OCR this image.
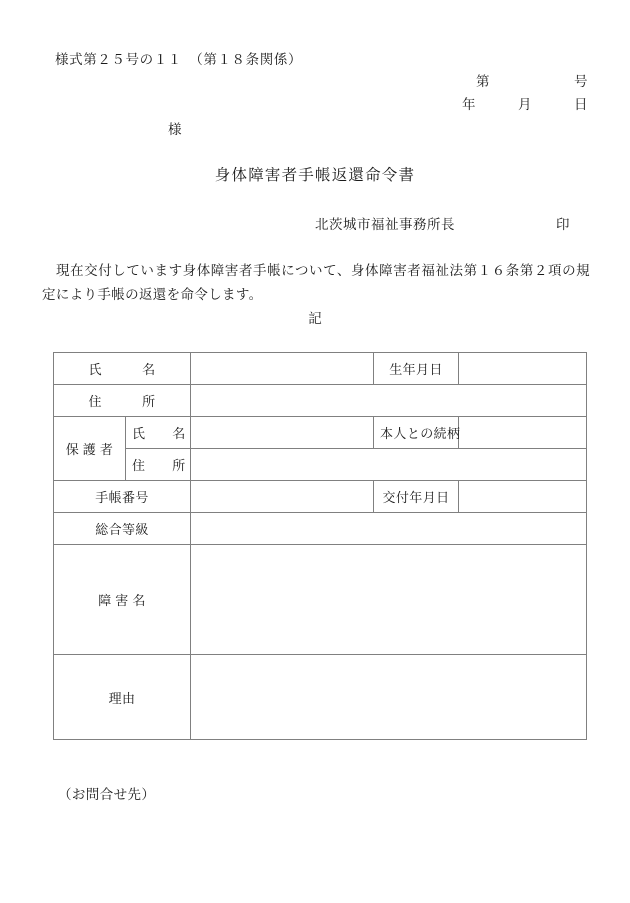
様式第２５号の１１　（第１８条関係）
第　　　　　　号
年　　　月　　　日
様
身体障害者手帳返還命令書
北茨城市福祉事務所長	印
現在交付しています身体障害者手帳について、身体障害者福祉法第１６条第２項の規定により手帳の返還を命令します。
記
氏　　　名			生年月日	
住　　　所				
保 護 者	氏　　名		本人との続柄	
	住　　所			
手帳番号			交付年月日	
総合等級				
障 害 名				
理由				
（お問合せ先）
